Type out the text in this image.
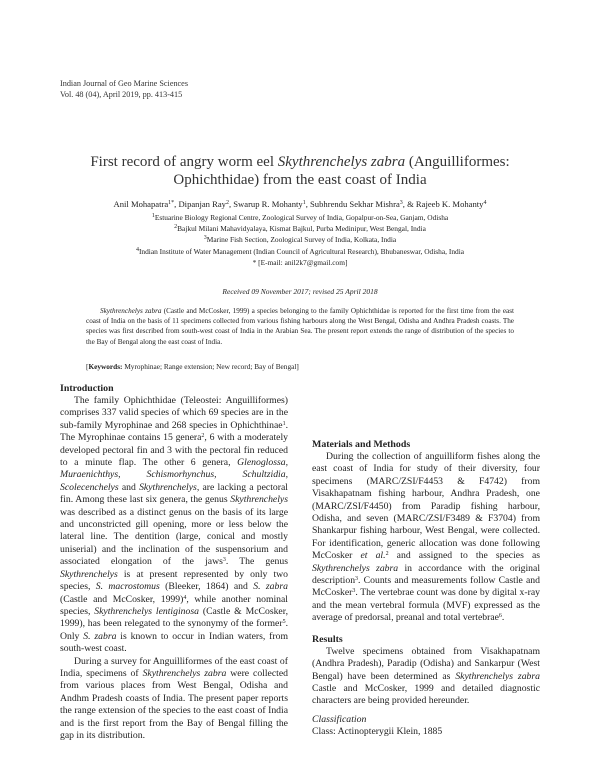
Indian Journal of Geo Marine Sciences
Vol. 48 (04), April 2019, pp. 413-415
First record of angry worm eel Skythrenchelys zabra (Anguilliformes: Ophichthidae) from the east coast of India
Anil Mohapatra$^{1*}$, Dipanjan Ray$^2$, Swarup R. Mohanty$^1$, Subhrendu Sekhar Mishra$^3$, & Rajeeb K. Mohanty$^4$

$^1$Estuarine Biology Regional Centre, Zoological Survey of India, Gopalpur-on-Sea, Ganjam, Odisha

$^2$Bajkul Milani Mahavidyalaya, Kismat Bajkul, Purba Medinipur, West Bengal, India

$^3$Marine Fish Section, Zoological Survey of India, Kolkata, India

$^4$Indian Institute of Water Management (Indian Council of Agricultural Research), Bhubaneswar, Odisha, India

* [E-mail: anil2k7@gmail.com]

Received 09 November 2017; revised 25 April 2018

Skythrenchelys zabra (Castle and McCosker, 1999) a species belonging to the family Ophichthidae is reported for the first time from the east coast of India on the basis of 11 specimens collected from various fishing harbours along the West Bengal, Odisha and Andhra Pradesh coasts. The species was first described from south-west coast of India in the Arabian Sea. The present report extends the range of distribution of the species to the Bay of Bengal along the east coast of India.

[Keywords: Myrophinae; Range extension; New record; Bay of Bengal]
Introduction

The family Ophichthidae (Teleostei: Anguilliformes) comprises 337 valid species of which 69 species are in the sub-family Myrophinae and 268 species in Ophichthinae$^1$. The Myrophinae contains 15 genera$^2$, 6 with a moderately developed pectoral fin and 3 with the pectoral fin reduced to a minute flap. The other 6 genera, Glenoglossa, Muraenichthys, Schismorhynchus, Schultzidia, Scolecenchelys and Skythrenchelys, are lacking a pectoral fin. Among these last six genera, the genus Skythrenchelys was described as a distinct genus on the basis of its large and unconstricted gill opening, more or less below the lateral line. The dentition (large, conical and mostly uniserial) and the inclination of the suspensorium and associated elongation of the jaws$^3$. The genus Skythrenchelys is at present represented by only two species, S. macrostomus (Bleeker, 1864) and S. zabra (Castle and McCosker, 1999)$^4$, while another nominal species, Skythrenchelys lentiginosa (Castle & McCosker, 1999), has been relegated to the synonymy of the former$^5$. Only S. zabra is known to occur in Indian waters, from south-west coast.

During a survey for Anguilliformes of the east coast of India, specimens of Skythrenchelys zabra were collected from various places from West Bengal, Odisha and Andhm Pradesh coasts of India. The present paper reports the range extension of the species to the east coast of India and is the first report from the Bay of Bengal filling the gap in its distribution.

Materials and Methods

During the collection of anguilliform fishes along the east coast of India for study of their diversity, four specimens (MARC/ZSI/F4453 & F4742) from Visakhapatnam fishing harbour, Andhra Pradesh, one (MARC/ZSI/F4450) from Paradip fishing harbour, Odisha, and seven (MARC/ZSI/F3489 & F3704) from Shankarpur fishing harbour, West Bengal, were collected. For identification, generic allocation was done following McCosker et al.$^2$ and assigned to the species as Skythrenchelys zabra in accordance with the original description$^3$. Counts and measurements follow Castle and McCosker$^3$. The vertebrae count was done by digital x-ray and the mean vertebral formula (MVF) expressed as the average of predorsal, preanal and total vertebrae$^6$.

Results

Twelve specimens obtained from Visakhapatnam (Andhra Pradesh), Paradip (Odisha) and Sankarpur (West Bengal) have been determined as Skythrenchelys zabra Castle and McCosker, 1999 and detailed diagnostic characters are being provided hereunder.

Classification

Class: Actinopterygii Klein, 1885
